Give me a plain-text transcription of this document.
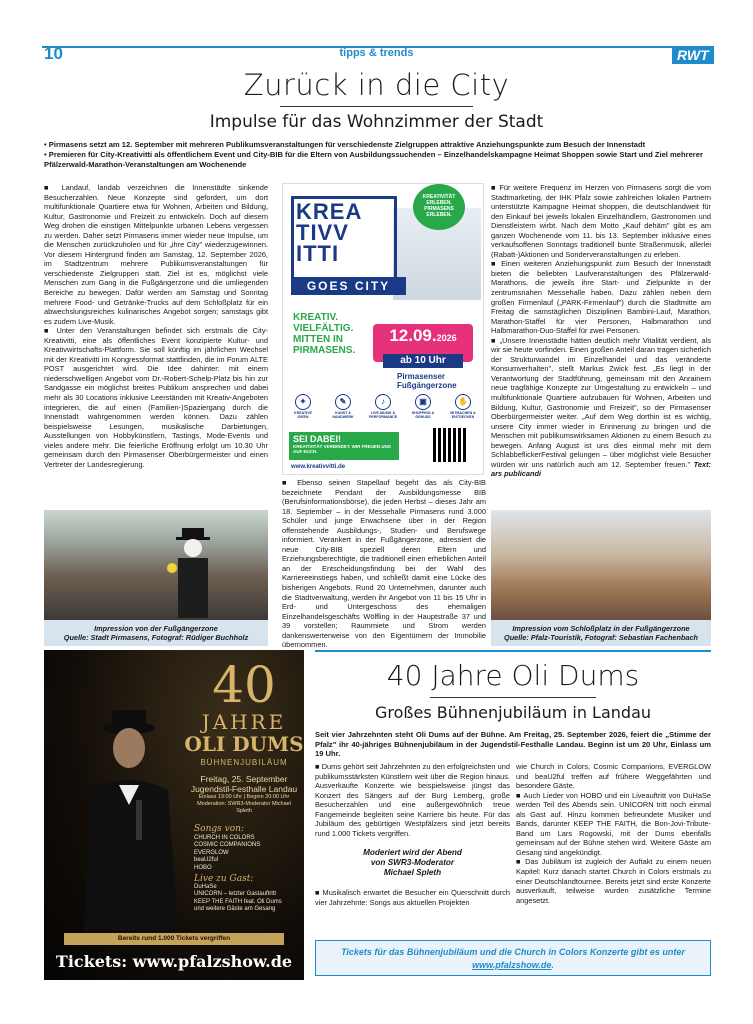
10	tipps & trends	RWT
Zurück in die City
Impulse für das Wohnzimmer der Stadt
• Pirmasens setzt am 12. September mit mehreren Publikumsveranstaltungen für verschiedenste Zielgruppen attraktive Anziehungspunkte zum Besuch der Innenstadt
• Premieren für City-Kreativitti als öffentlichem Event und City-BIB für die Eltern von Ausbildungssuchenden – Einzelhandelskampagne Heimat Shoppen sowie Start und Ziel mehrerer Pfälzerwald-Marathon-Veranstaltungen am Wochenende

■ Landauf, landab verzeichnen die Innenstädte sinkende Besucherzahlen. Neue Konzepte sind gefordert, um dort multifunktionale Quartiere etwa für Wohnen, Arbeiten und Bildung, Kultur, Gastronomie und Freizeit zu entwickeln. Doch auf diesem Weg drohen die einstigen Mittelpunkte urbanen Lebens vergessen zu werden. Daher setzt Pirmasens immer wieder neue Impulse, um die Menschen zurückzuholen und für „ihre City" wiederzugewinnen. Vor diesem Hintergrund finden am Samstag, 12. September 2026, im Stadtzentrum mehrere Publikumsveranstaltungen für verschiedenste Zielgruppen statt. Ziel ist es, möglichst viele Menschen zum Gang in die Fußgängerzone und die umliegenden Bereiche zu bewegen. Dafür werden am Samstag und Sonntag mehrere Food- und Getränke-Trucks auf dem Schloßplatz für ein abwechslungsreiches kulinarisches Angebot sorgen; samstags gibt es zudem Live-Musik.

■ Unter den Veranstaltungen befindet sich erstmals die City-Kreativitti, eine als öffentliches Event konzipierte Kultur- und Kreativwirtschafts-Plattform. Sie soll künftig im jährlichen Wechsel mit der Kreativitti im Kongressformat stattfinden, die im Forum ALTE POST ausgerichtet wird. Die Idee dahinter: mit einem niederschwelligen Angebot vom Dr.-Robert-Schelp-Platz bis hin zur Sandgasse ein möglichst breites Publikum ansprechen und dabei mehr als 30 Locations inklusive Leerständen mit Kreativ-Angeboten integrieren, die auf einen (Familien-)Spaziergang durch die Innenstadt wahrgenommen werden können. Dazu zählen beispielsweise Lesungen, musikalische Darbietungen, Ausstellungen von Hobbykünstlern, Tastings, Mode-Events und vieles andere mehr. Die feierliche Eröffnung erfolgt um 10.30 Uhr gemeinsam durch den Pirmasenser Oberbürgermeister und einen Vertreter der Landesregierung.

KREA
TIVV
ITTI
GOES CITY
KREATIVITÄT ERLEBEN, PIRMASENS ERLEBEN.
KREATIV.
VIELFÄLTIG.
MITTEN IN
PIRMASENS.
12.09.2026
ab 10 Uhr
Pirmasenser
Fußgängerzone
✦
KREATIVE IDEEN
✎
KUNST & HANDWERK
♪
LIVE-MUSIK & PERFORMANCE
▣
SHOPPING & GENUSS
✋
MITMACHEN & ENTDECKEN
SEI DABEI!
KREATIVITÄT VERBINDET. WIR FREUEN UNS AUF EUCH.
www.kreativvitti.de

■ Ebenso seinen Stapellauf begeht das als City-BIB bezeichnete Pendant der Ausbildungsmesse BIB (Berufsinformationsbörse), die jeden Herbst – dieses Jahr am 18. September – in der Messehalle Pirmasens rund 3.000 Schüler und junge Erwachsene über in der Region offenstehende Ausbildungs-, Studien- und Berufswege informiert. Verankert in der Fußgängerzone, adressiert die neue City-BIB speziell deren Eltern und Erziehungsberechtigte, die traditionell einen erheblichen Anteil an der Entscheidungsfindung bei der Wahl des Karriereeinstiegs haben, und schließt damit eine Lücke des bisherigen Angebots. Rund 20 Unternehmen, darunter auch die Stadtverwaltung, werden ihr Angebot von 11 bis 15 Uhr in Erd- und Untergeschoss des ehemaligen Einzelhandelsgeschäfts Wölfling in der Hauptstraße 37 und 39 vorstellen; Raummiete und Strom werden dankenswerterweise von den Eigentümern der Immobilie übernommen.

■ Für weitere Frequenz im Herzen von Pirmasens sorgt die vom Stadtmarketing, der IHK Pfalz sowie zahlreichen lokalen Partnern unterstützte Kampagne Heimat shoppen, die deutschlandweit für den Einkauf bei jeweils lokalen Einzelhändlern, Gastronomen und Dienstleistern wirbt. Nach dem Motto „Kauf dehäm" gibt es am ganzen Wochenende vom 11. bis 13. September inklusive eines verkaufsoffenen Sonntags traditionell bunte Straßenmusik, allerlei (Rabatt-)Aktionen und Sonderveranstaltungen zu erleben.

■ Einen weiteren Anziehungspunkt zum Besuch der Innenstadt bieten die beliebten Laufveranstaltungen des Pfälzerwald-Marathons, die jeweils ihre Start- und Zielpunkte in der zentrumsnahen Messehalle haben. Dazu zählen neben dem großen Firmenlauf („PARK-Firmenlauf") durch die Stadtmitte am Freitag die samstäglichen Disziplinen Bambini-Lauf, Marathon, Marathon-Staffel für vier Personen, Halbmarathon und Halbmarathon-Duo-Staffel für zwei Personen.

■ „Unsere Innenstädte hätten deutlich mehr Vitalität verdient, als wir sie heute vorfinden. Einen großen Anteil daran tragen sicherlich der Strukturwandel im Einzelhandel und das veränderte Konsumverhalten", stellt Markus Zwick fest. „Es liegt in der Verantwortung der Stadtführung, gemeinsam mit den Anrainern neue tragfähige Konzepte zur Umgestaltung zu entwickeln – und multifunktionale Quartiere aufzubauen für Wohnen, Arbeiten und Bildung, Kultur, Gastronomie und Freizeit", so der Pirmasenser Oberbürgermeister weiter. „Auf dem Weg dorthin ist es wichtig, unsere City immer wieder in Erinnerung zu bringen und die Menschen mit publikumswirksamen Aktionen zu einem Besuch zu bewegen. Anfang August ist uns dies einmal mehr mit dem SchlabbeflickerFestival gelungen – über möglichst viele Besucher würden wir uns natürlich auch am 12. September freuen." Text: ars publicandi

Impression von der Fußgängerzone
Quelle: Stadt Pirmasens, Fotograf: Rüdiger Buchholz
Impression vom Schloßplatz in der Fußgängerzone
Quelle: Pfalz-Touristik, Fotograf: Sebastian Fachenbach
40
JAHRE
OLI DUMS
BÜHNENJUBILÄUM
Freitag, 25. September
Jugendstil-Festhalle Landau
Einlass 19:00 Uhr | Beginn 20:00 Uhr
Moderation: SWR3-Moderator Michael Spleth
Songs von:
CHURCH IN COLORS
COSMIC COMPANIONS
EVERGLOW
beaU2ful
HOBO
Live zu Gast:
DuHaSe
UNICORN – letzter Gastauftritt
KEEP THE FAITH feat. Oli Dums
und weitere Gäste am Gesang
Bereits rund 1.000 Tickets vergriffen
Tickets: www.pfalzshow.de
40 Jahre Oli Dums
Großes Bühnenjubiläum in Landau
Seit vier Jahrzehnten steht Oli Dums auf der Bühne. Am Freitag, 25. September 2026, feiert die „Stimme der Pfalz" ihr 40-jähriges Bühnenjubiläum in der Jugendstil-Festhalle Landau. Beginn ist um 20 Uhr, Einlass um 19 Uhr.

■ Dums gehört seit Jahrzehnten zu den erfolgreichsten und publikumsstärksten Künstlern weit über die Region hinaus. Ausverkaufte Konzerte wie beispielsweise jüngst das Konzert des Sängers auf der Burg Lemberg, große Besucherzahlen und eine außergewöhnlich treue Fangemeinde begleiten seine Karriere bis heute. Für das Jubiläum des gebürtigen Westpfälzers sind jetzt bereits rund 1.000 Tickets vergriffen.

Moderiert wird der Abend
von SWR3-Moderator
Michael Spleth

■ Musikalisch erwartet die Besucher ein Querschnitt durch vier Jahrzehnte: Songs aus aktuellen Projekten

wie Church in Colors, Cosmic Companions, EVERGLOW und beaU2ful treffen auf frühere Weggefährten und besondere Gäste.

■ Auch Lieder von HOBO und ein Liveauftritt von DuHaSe werden Teil des Abends sein. UNICORN tritt noch einmal als Gast auf. Hinzu kommen befreundete Musiker und Bands, darunter KEEP THE FAITH, die Bon-Jovi-Tribute-Band um Lars Rogowski, mit der Dums ebenfalls gemeinsam auf der Bühne stehen wird. Weitere Gäste am Gesang sind angekündigt.

■ Das Jubiläum ist zugleich der Auftakt zu einem neuen Kapitel: Kurz danach startet Church in Colors erstmals zu einer Deutschlandtournee. Bereits jetzt sind erste Konzerte ausverkauft, teilweise wurden zusätzliche Termine angesetzt.

Tickets für das Bühnenjubiläum und die Church in Colors Konzerte gibt es unter www.pfalzshow.de.
